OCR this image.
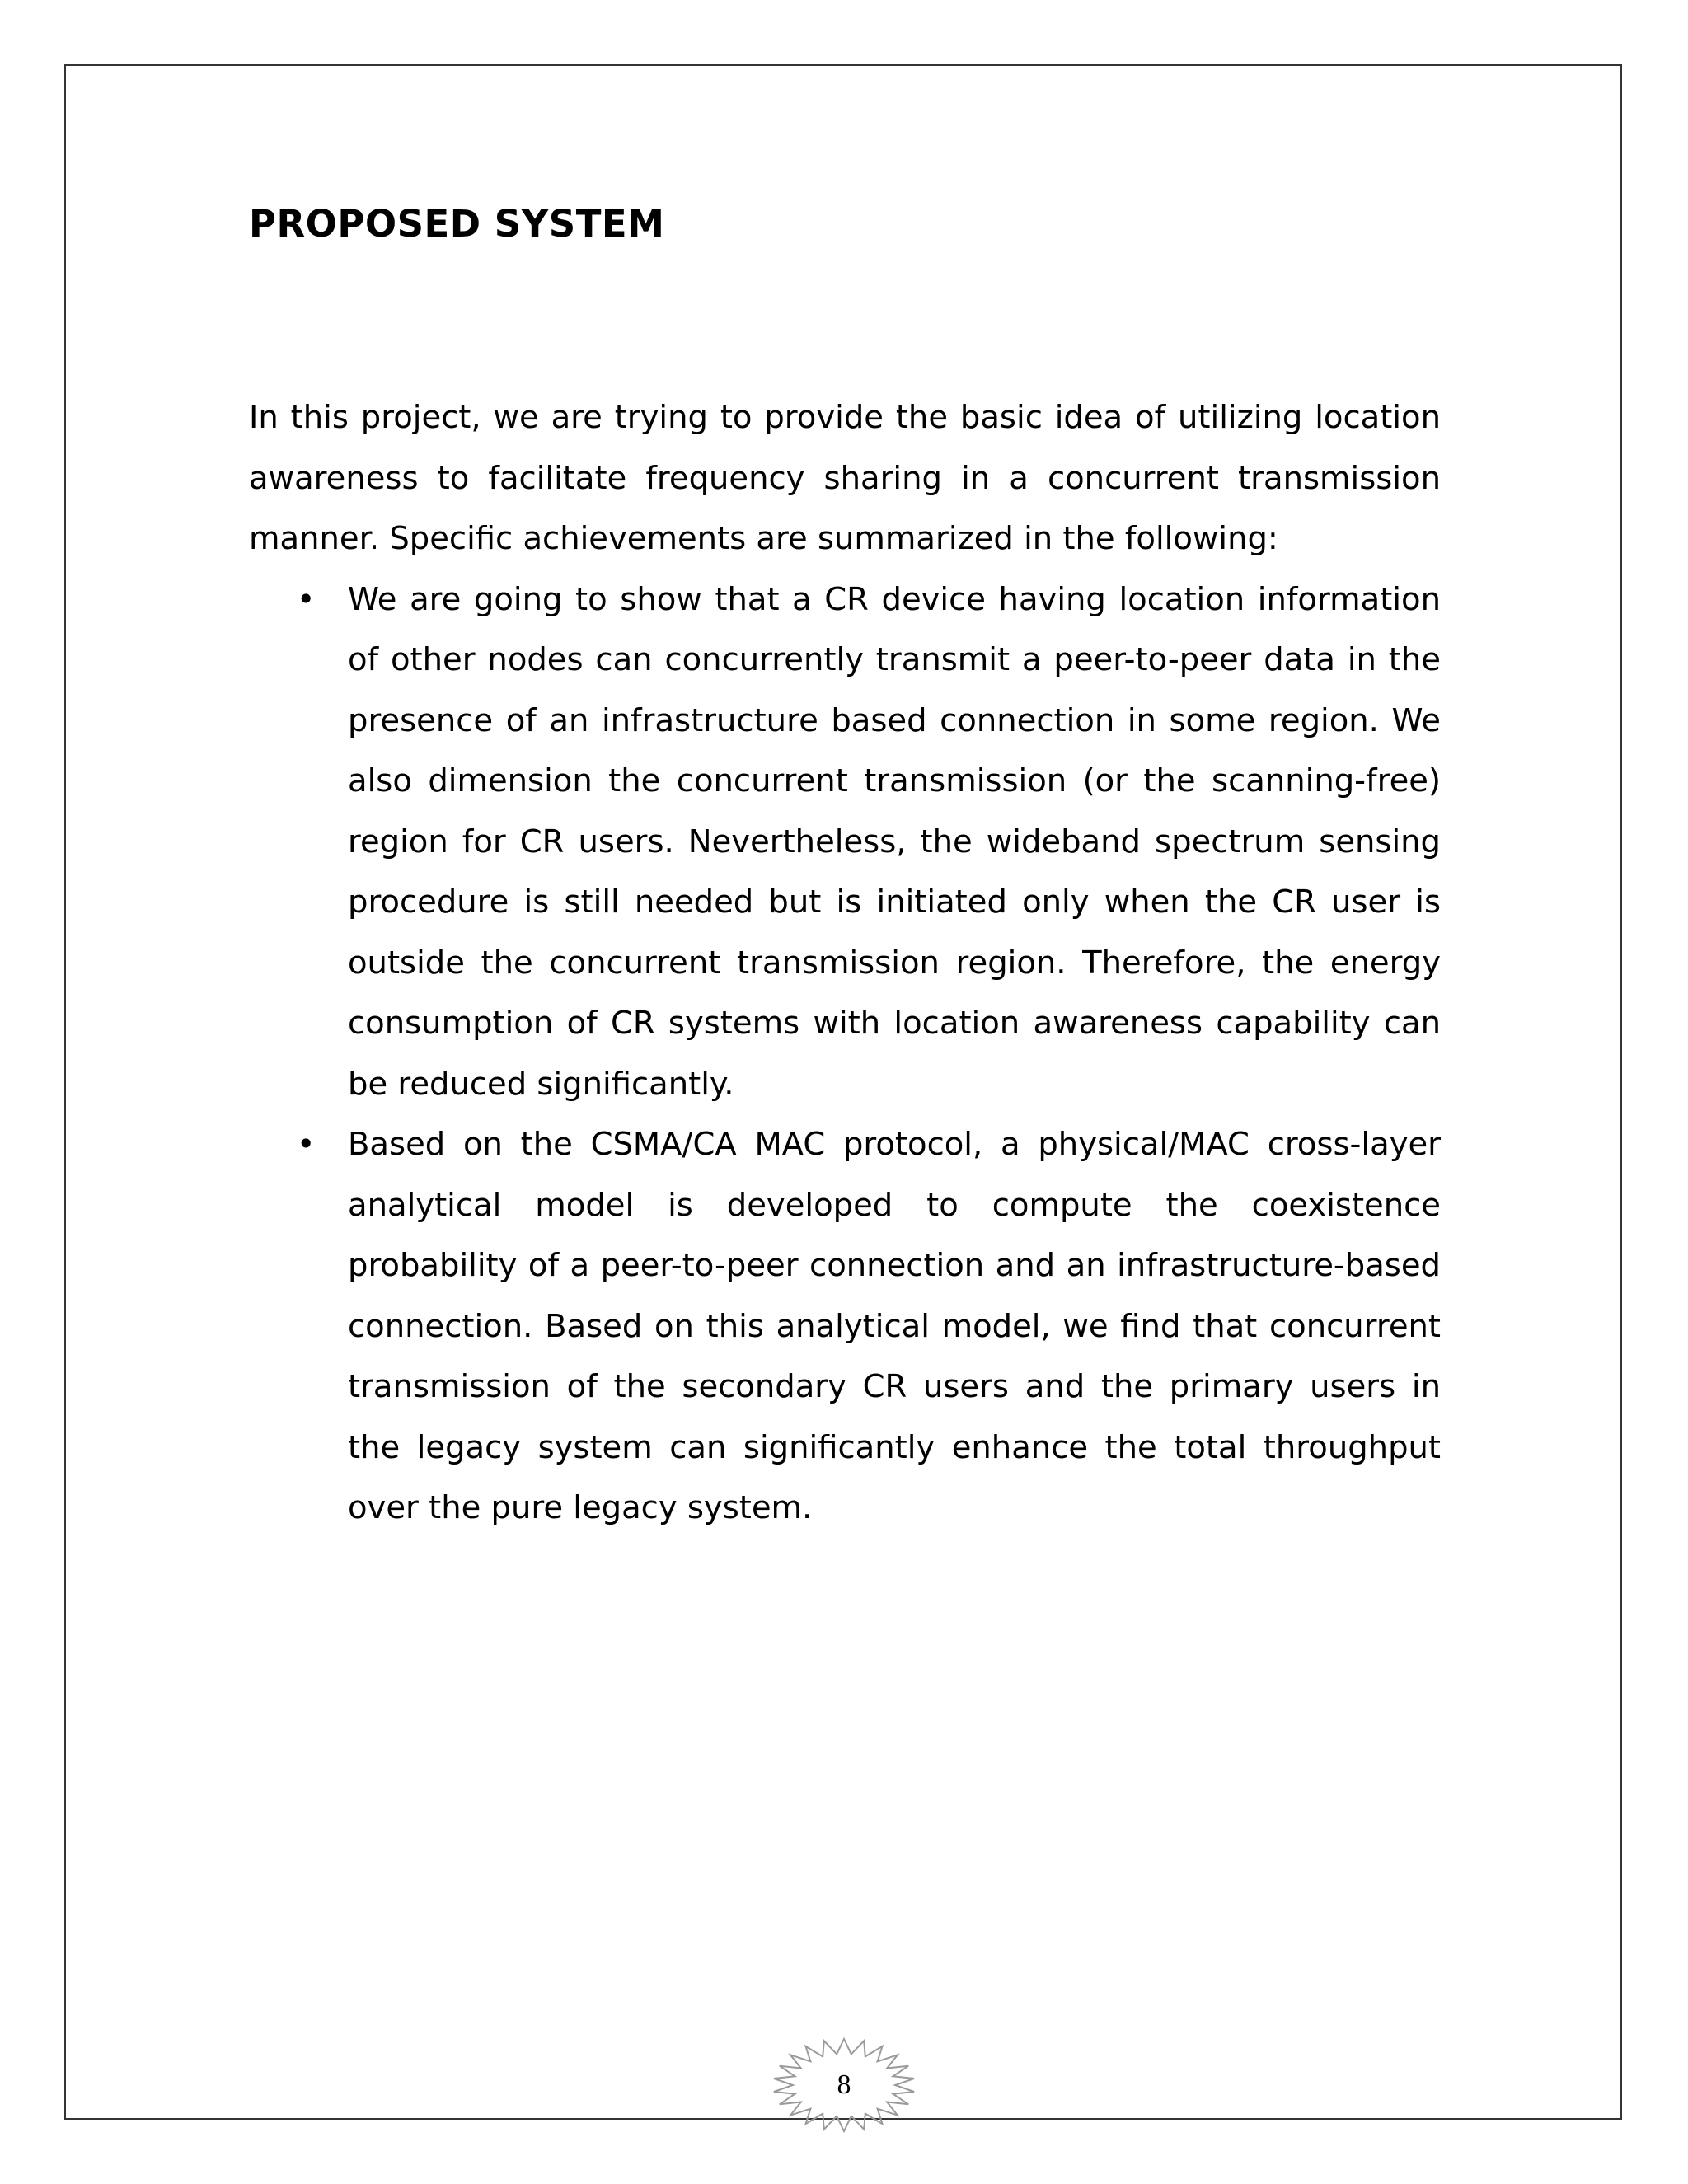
PROPOSED SYSTEM

In this project, we are trying to provide the basic idea of utilizing location awareness to facilitate frequency sharing in a concurrent transmission manner. Specific achievements are summarized in the following:

• We are going to show that a CR device having location information of other nodes can concurrently transmit a peer-to-peer data in the presence of an infrastructure based connection in some region. We also dimension the concurrent transmission (or the scanning-free) region for CR users. Nevertheless, the wideband spectrum sensing procedure is still needed but is initiated only when the CR user is outside the concurrent transmission region. Therefore, the energy consumption of CR systems with location awareness capability can be reduced significantly.
• Based on the CSMA/CA MAC protocol, a physical/MAC cross-layer analytical model is developed to compute the coexistence probability of a peer-to-peer connection and an infrastructure-based connection. Based on this analytical model, we find that concurrent transmission of the secondary CR users and the primary users in the legacy system can significantly enhance the total throughput over the pure legacy system.
8
